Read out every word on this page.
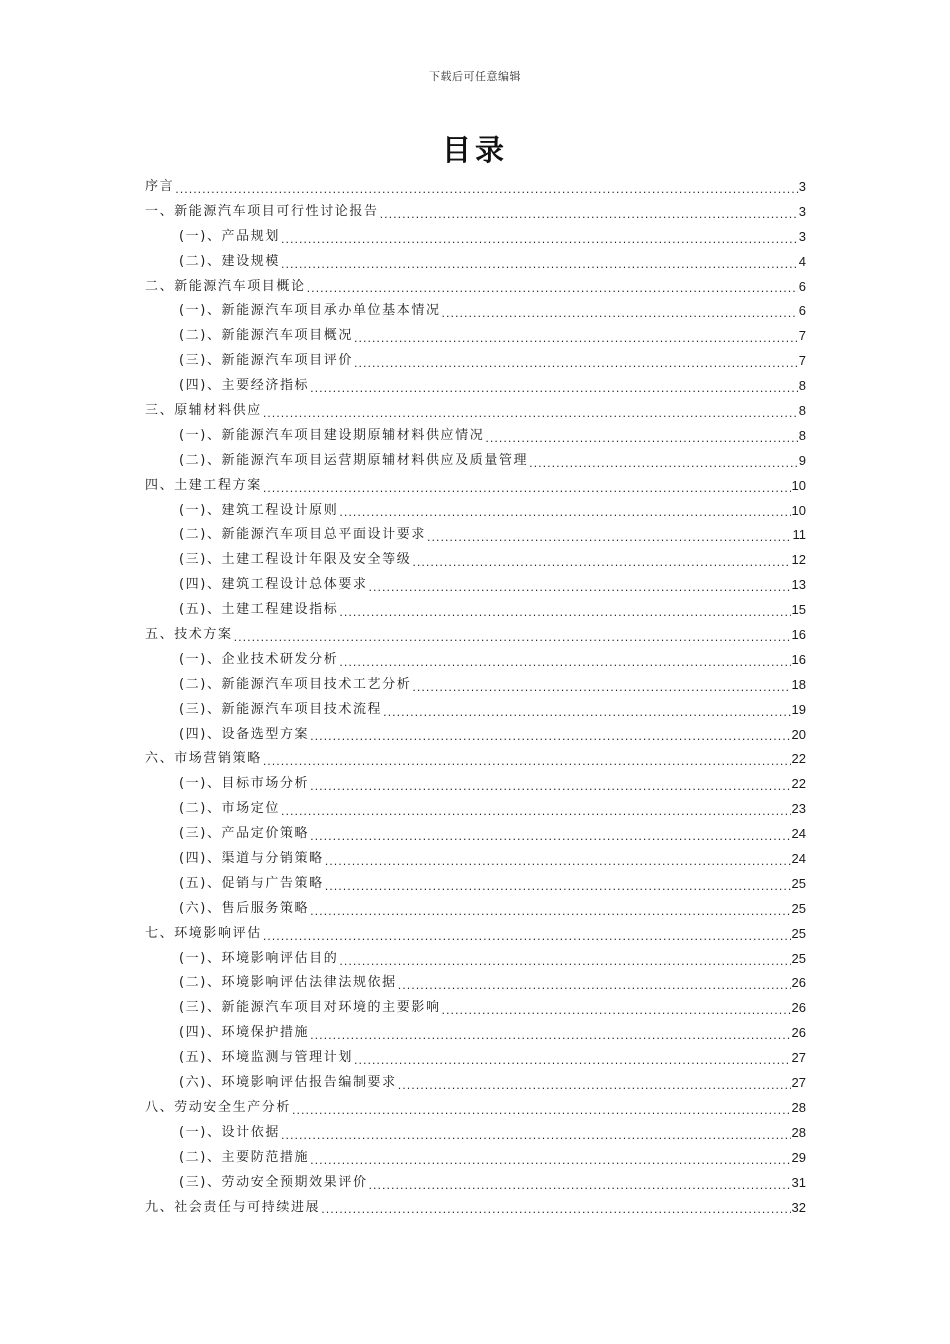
下载后可任意编辑
目录
序言 .....	3
一、新能源汽车项目可行性讨论报告 .....	3
(一)、产品规划 .....	3
(二)、建设规模 .....	4
二、新能源汽车项目概论 .....	6
(一)、新能源汽车项目承办单位基本情况 .....	6
(二)、新能源汽车项目概况 .....	7
(三)、新能源汽车项目评价 .....	7
(四)、主要经济指标 .....	8
三、原辅材料供应 .....	8
(一)、新能源汽车项目建设期原辅材料供应情况 .....	8
(二)、新能源汽车项目运营期原辅材料供应及质量管理 .....	9
四、土建工程方案 .....	10
(一)、建筑工程设计原则 .....	10
(二)、新能源汽车项目总平面设计要求 .....	11
(三)、土建工程设计年限及安全等级 .....	12
(四)、建筑工程设计总体要求 .....	13
(五)、土建工程建设指标 .....	15
五、技术方案 .....	16
(一)、企业技术研发分析 .....	16
(二)、新能源汽车项目技术工艺分析 .....	18
(三)、新能源汽车项目技术流程 .....	19
(四)、设备选型方案 .....	20
六、市场营销策略 .....	22
(一)、目标市场分析 .....	22
(二)、市场定位 .....	23
(三)、产品定价策略 .....	24
(四)、渠道与分销策略 .....	24
(五)、促销与广告策略 .....	25
(六)、售后服务策略 .....	25
七、环境影响评估 .....	25
(一)、环境影响评估目的 .....	25
(二)、环境影响评估法律法规依据 .....	26
(三)、新能源汽车项目对环境的主要影响 .....	26
(四)、环境保护措施 .....	26
(五)、环境监测与管理计划 .....	27
(六)、环境影响评估报告编制要求 .....	27
八、劳动安全生产分析 .....	28
(一)、设计依据 .....	28
(二)、主要防范措施 .....	29
(三)、劳动安全预期效果评价 .....	31
九、社会责任与可持续进展 .....	32
